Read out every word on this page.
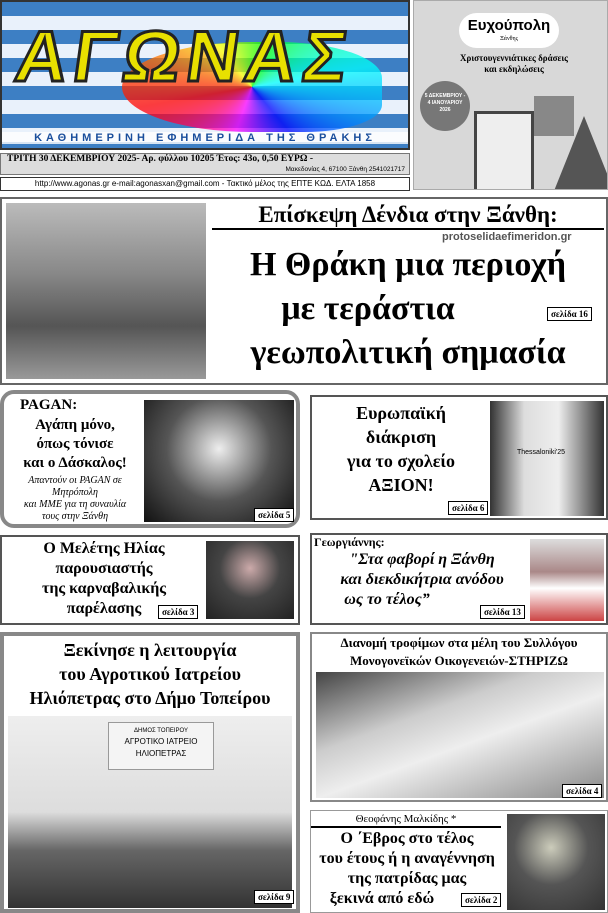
ΑΓΩΝΑΣ
ΚΑΘΗΜΕΡΙΝΗ ΕΦΗΜΕΡΙΔΑ ΤΗΣ ΘΡΑΚΗΣ
ΤΡΙΤΗ 30 ΔΕΚΕΜΒΡΙΟΥ 2025- Αρ. φύλλου 10205 Έτος: 43ο, 0,50 ΕΥΡΩ -
Μακεδονίας 4, 67100 Ξάνθη 2541021717
http://www.agonas.gr e-mail:agonasxan@gmail.com - Τακτικό μέλος της ΕΠΤΕ ΚΩΔ. ΕΛΤΑ 1858
Ευχούπολη
Ξάνθης
Χριστουγεννιάτικες δράσεις και εκδηλώσεις
5 ΔΕΚΕΜΒΡΙΟΥ - 4 ΙΑΝΟΥΑΡΙΟΥ 2026
Επίσκεψη Δένδια στην Ξάνθη:
protoselidaefimeridon.gr
Η Θράκη μια περιοχή
με τεράστια
γεωπολιτική σημασία
σελίδα 16
PAGAN:
Αγάπη μόνο,
όπως τόνισε
και ο Δάσκαλος!
Απαντούν οι PAGAN σε
Μητρόπολη
και ΜΜΕ για τη συναυλία
τους στην Ξάνθη	σελίδα 5
Ευρωπαϊκή
διάκριση
για το σχολείο
ΑΞΙΟΝ!
Thessaloniki'25
σελίδα 6
Ο Μελέτης Ηλίας
παρουσιαστής
της καρναβαλικής
παρέλασης	σελίδα 3
Γεωργιάννης:
"Στα φαβορί η Ξάνθη
και διεκδικήτρια ανόδου
ως το τέλος”
σελίδα 13
Ξεκίνησε η λειτουργία
του Αγροτικού Ιατρείου
Ηλιόπετρας στο Δήμο Τοπείρου
ΔΗΜΟΣ ΤΟΠΕΙΡΟΥ
ΑΓΡΟΤΙΚΟ ΙΑΤΡΕΙΟ
ΗΛΙΟΠΕΤΡΑΣ
σελίδα 9
Διανομή τροφίμων στα μέλη του Συλλόγου
Μονογονεϊκών Οικογενειών-ΣΤΗΡΙΖΩ
σελίδα 4
Θεοφάνης Μαλκίδης *
Ο ΄Εβρος στο τέλος
του έτους ή η αναγέννηση
της πατρίδας μας
ξεκινά από εδώ	σελίδα 2
